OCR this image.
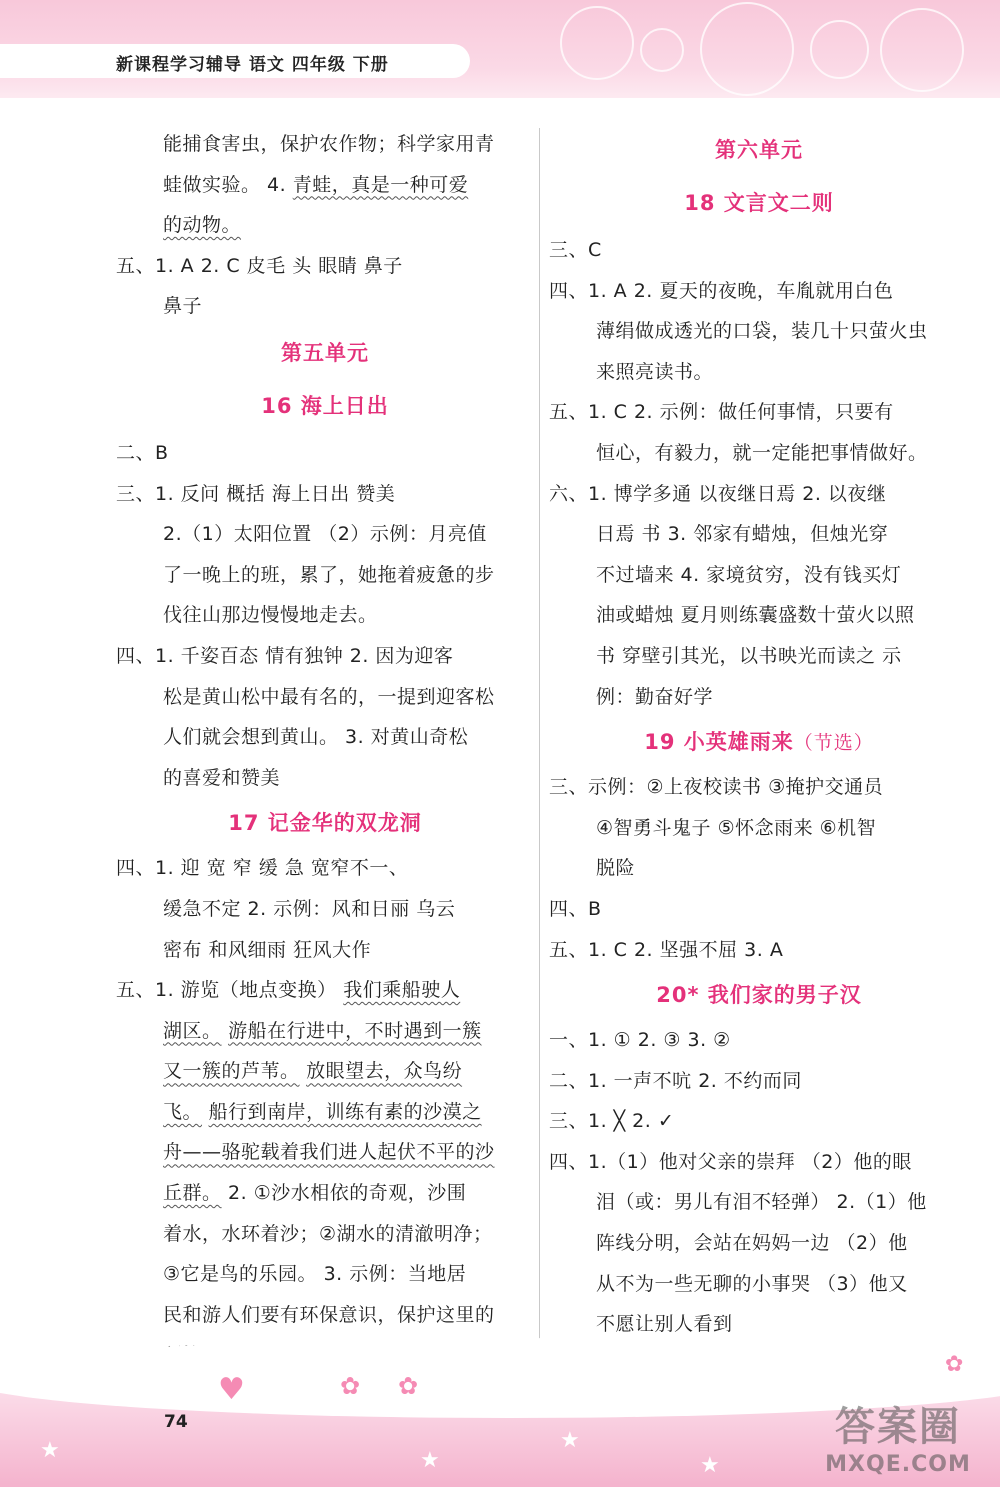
新课程学习辅导 语文 四年级 下册
能捕食害虫，保护农作物；科学家用青
蛙做实验。 4. 青蛙，真是一种可爱
的动物。
五、1. A 2. C 皮毛 头 眼睛 鼻子
鼻子
第五单元
16 海上日出
二、B
三、1. 反问 概括 海上日出 赞美
2.（1）太阳位置 （2）示例：月亮值
了一晚上的班，累了，她拖着疲惫的步
伐往山那边慢慢地走去。
四、1. 千姿百态 情有独钟 2. 因为迎客
松是黄山松中最有名的，一提到迎客松
人们就会想到黄山。 3. 对黄山奇松
的喜爱和赞美
17 记金华的双龙洞
四、1. 迎 宽 窄 缓 急 宽窄不一、
缓急不定 2. 示例：风和日丽 乌云
密布 和风细雨 狂风大作
五、1. 游览（地点变换） 我们乘船驶人
湖区。 游船在行进中，不时遇到一簇
又一簇的芦苇。 放眼望去，众鸟纷
飞。 船行到南岸，训练有素的沙漠之
舟——骆驼载着我们进人起伏不平的沙
丘群。 2. ①沙水相依的奇观，沙围
着水，水环着沙；②湖水的清澈明净；
③它是鸟的乐园。 3. 示例：当地居
民和游人们要有环保意识，保护这里的
第六单元
18 文言文二则
三、C
四、1. A 2. 夏天的夜晚，车胤就用白色
薄绢做成透光的口袋，装几十只萤火虫
来照亮读书。
五、1. C 2. 示例：做任何事情，只要有
恒心，有毅力，就一定能把事情做好。
六、1. 博学多通 以夜继日焉 2. 以夜继
日焉 书 3. 邻家有蜡烛，但烛光穿
不过墙来 4. 家境贫穷，没有钱买灯
油或蜡烛 夏月则练囊盛数十萤火以照
书 穿壁引其光，以书映光而读之 示
例：勤奋好学
19 小英雄雨来（节选）
三、示例：②上夜校读书 ③掩护交通员
④智勇斗鬼子 ⑤怀念雨来 ⑥机智
脱险
四、B
五、1. C 2. 坚强不屈 3. A
20* 我们家的男子汉
一、1. ① 2. ③ 3. ②
二、1. 一声不吭 2. 不约而同
三、1. ╳ 2. ✓
四、1.（1）他对父亲的崇拜 （2）他的眼
泪（或：男儿有泪不轻弹） 2.（1）他
阵线分明，会站在妈妈一边 （2）他
从不为一些无聊的小事哭 （3）他又
不愿让别人看到
★	★
★
★
♥	✿ ✿
✿
74	答案圈
MXQE.COM
